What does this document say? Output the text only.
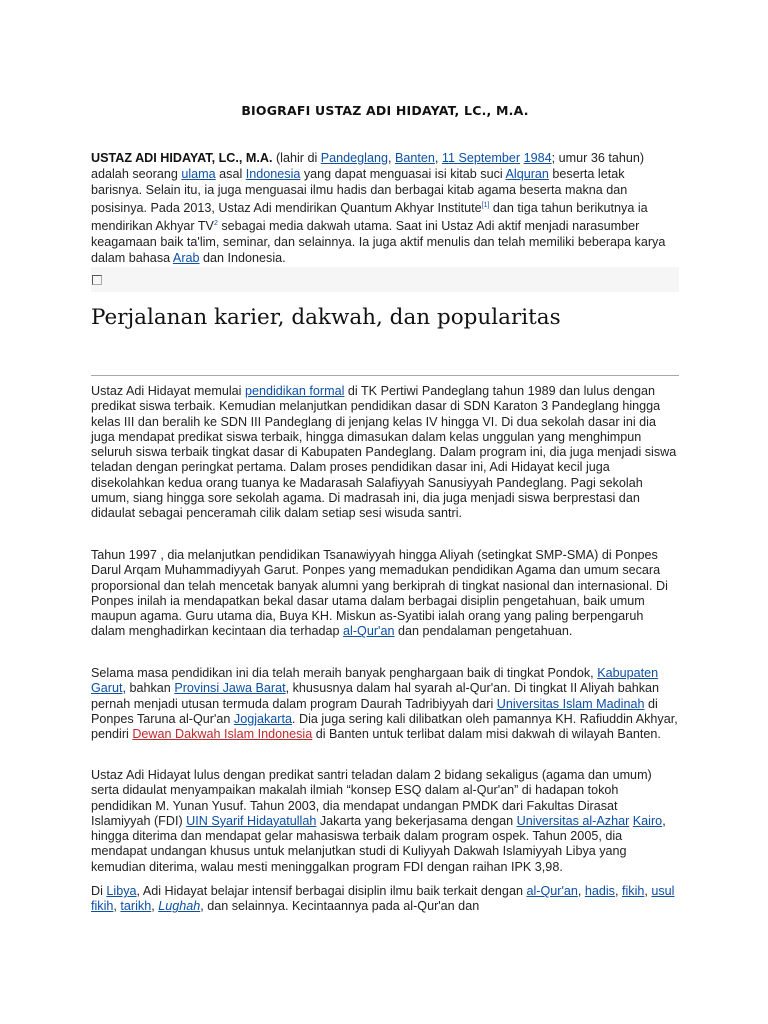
BIOGRAFI USTAZ ADI HIDAYAT, LC., M.A.

USTAZ ADI HIDAYAT, LC., M.A. (lahir di Pandeglang, Banten, 11 September 1984; umur 36 tahun) adalah seorang ulama asal Indonesia yang dapat menguasai isi kitab suci Alquran beserta letak barisnya. Selain itu, ia juga menguasai ilmu hadis dan berbagai kitab agama beserta makna dan posisinya. Pada 2013, Ustaz Adi mendirikan Quantum Akhyar Institute[1] dan tiga tahun berikutnya ia mendirikan Akhyar $TV^2$ sebagai media dakwah utama. Saat ini Ustaz Adi aktif menjadi narasumber keagamaan baik ta'lim, seminar, dan selainnya. Ia juga aktif menulis dan telah memiliki beberapa karya dalam bahasa Arab dan Indonesia.

Perjalanan karier, dakwah, dan popularitas

Ustaz Adi Hidayat memulai pendidikan formal di TK Pertiwi Pandeglang tahun 1989 dan lulus dengan predikat siswa terbaik. Kemudian melanjutkan pendidikan dasar di SDN Karaton 3 Pandeglang hingga kelas III dan beralih ke SDN III Pandeglang di jenjang kelas IV hingga VI. Di dua sekolah dasar ini dia juga mendapat predikat siswa terbaik, hingga dimasukan dalam kelas unggulan yang menghimpun seluruh siswa terbaik tingkat dasar di Kabupaten Pandeglang. Dalam program ini, dia juga menjadi siswa teladan dengan peringkat pertama. Dalam proses pendidikan dasar ini, Adi Hidayat kecil juga disekolahkan kedua orang tuanya ke Madarasah Salafiyyah Sanusiyyah Pandeglang. Pagi sekolah umum, siang hingga sore sekolah agama. Di madrasah ini, dia juga menjadi siswa berprestasi dan didaulat sebagai penceramah cilik dalam setiap sesi wisuda santri.

Tahun 1997 , dia melanjutkan pendidikan Tsanawiyyah hingga Aliyah (setingkat SMP-SMA) di Ponpes Darul Arqam Muhammadiyyah Garut. Ponpes yang memadukan pendidikan Agama dan umum secara proporsional dan telah mencetak banyak alumni yang berkiprah di tingkat nasional dan internasional. Di Ponpes inilah ia mendapatkan bekal dasar utama dalam berbagai disiplin pengetahuan, baik umum maupun agama. Guru utama dia, Buya KH. Miskun as-Syatibi ialah orang yang paling berpengaruh dalam menghadirkan kecintaan dia terhadap al-Qur'an dan pendalaman pengetahuan.

Selama masa pendidikan ini dia telah meraih banyak penghargaan baik di tingkat Pondok, Kabupaten Garut, bahkan Provinsi Jawa Barat, khususnya dalam hal syarah al-Qur'an. Di tingkat II Aliyah bahkan pernah menjadi utusan termuda dalam program Daurah Tadribiyyah dari Universitas Islam Madinah di Ponpes Taruna al-Qur'an Jogjakarta. Dia juga sering kali dilibatkan oleh pamannya KH. Rafiuddin Akhyar, pendiri Dewan Dakwah Islam Indonesia di Banten untuk terlibat dalam misi dakwah di wilayah Banten.

Ustaz Adi Hidayat lulus dengan predikat santri teladan dalam 2 bidang sekaligus (agama dan umum) serta didaulat menyampaikan makalah ilmiah “konsep ESQ dalam al-Qur'an” di hadapan tokoh pendidikan M. Yunan Yusuf. Tahun 2003, dia mendapat undangan PMDK dari Fakultas Dirasat Islamiyyah (FDI) UIN Syarif Hidayatullah Jakarta yang bekerjasama dengan Universitas al-Azhar Kairo, hingga diterima dan mendapat gelar mahasiswa terbaik dalam program ospek. Tahun 2005, dia mendapat undangan khusus untuk melanjutkan studi di Kuliyyah Dakwah Islamiyyah Libya yang kemudian diterima, walau mesti meninggalkan program FDI dengan raihan IPK 3,98.

Di Libya, Adi Hidayat belajar intensif berbagai disiplin ilmu baik terkait dengan al-Qur'an, hadis, fikih, usul fikih, tarikh, Lughah, dan selainnya. Kecintaannya pada al-Qur'an dan
